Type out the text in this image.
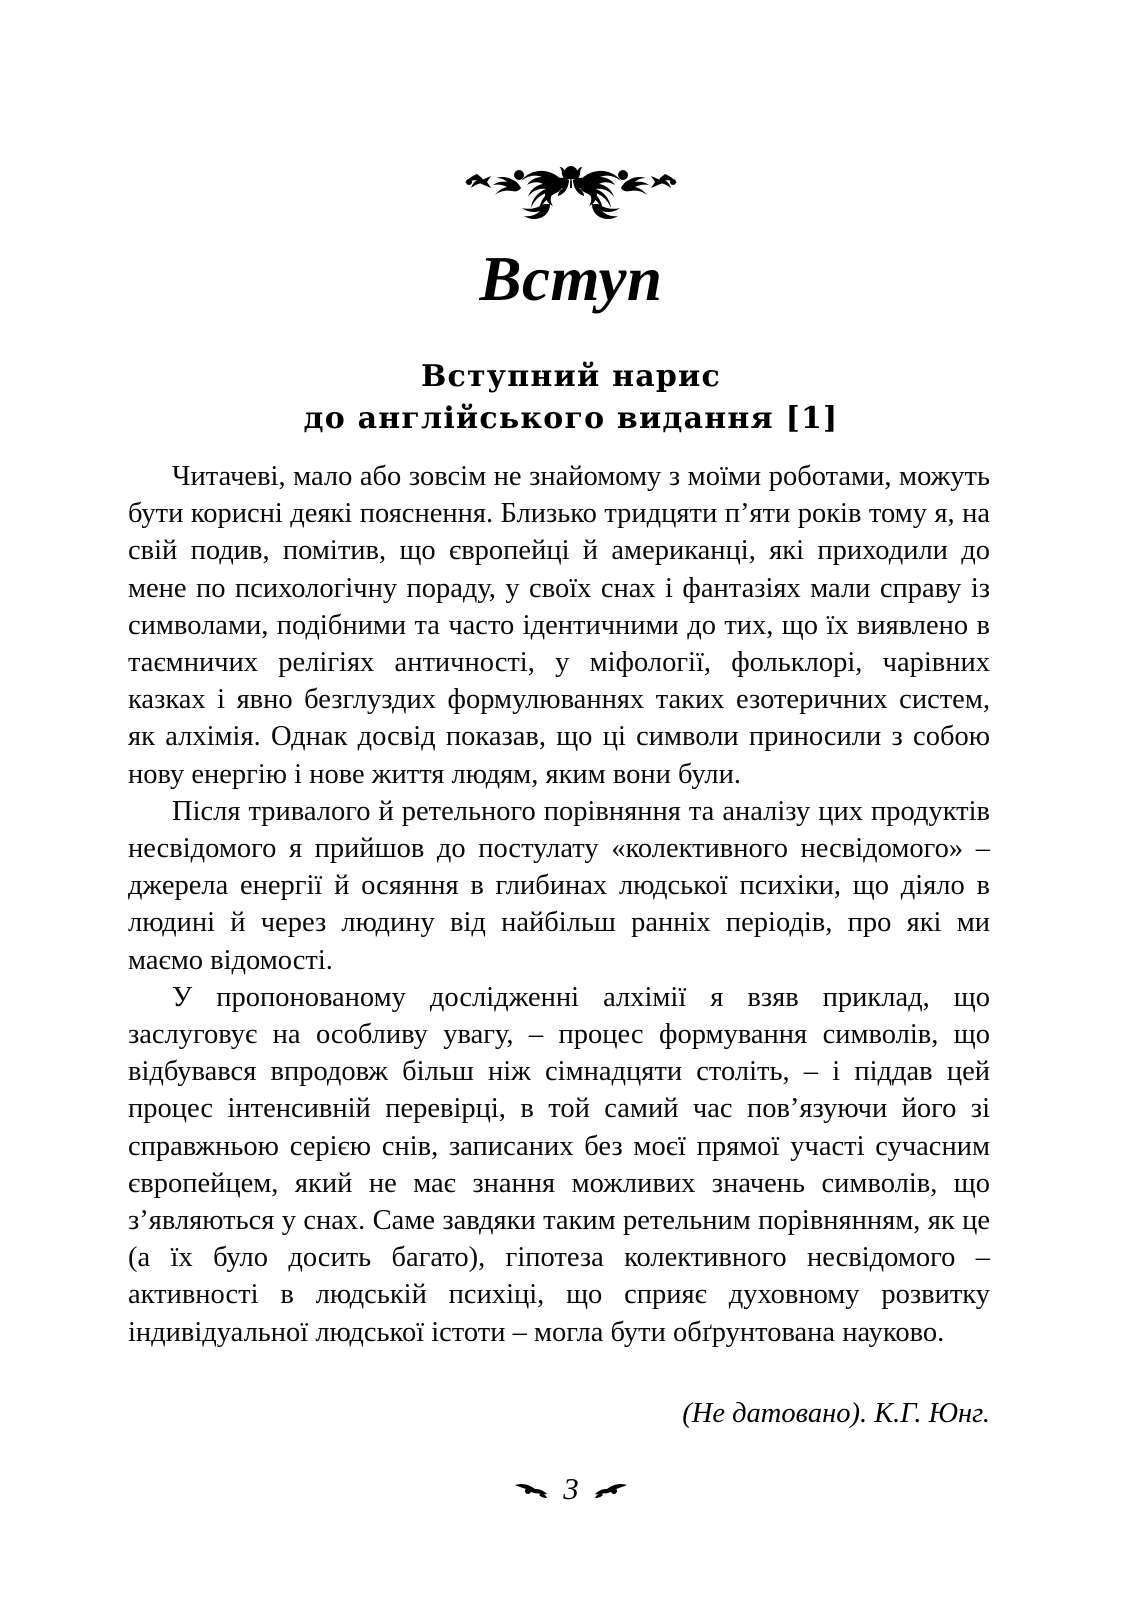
Вступ
Вступний нарис
до англійського видання [1]

Читачеві, мало або зовсім не знайомому з моїми роботами, можуть бути корисні деякі пояснення. Близько тридцяти п’яти років тому я, на свій подив, помітив, що європейці й американці, які приходили до мене по психологічну пораду, у своїх снах і фантазіях мали справу із символами, подібними та часто ідентичними до тих, що їх виявлено в таємничих релігіях античності, у міфології, фольклорі, чарівних казках і явно безглуздих формулюваннях таких езотеричних систем, як алхімія. Однак досвід показав, що ці символи приносили з собою нову енергію і нове життя людям, яким вони були.

Після тривалого й ретельного порівняння та аналізу цих продуктів несвідомого я прийшов до постулату «колективного несвідомого» – джерела енергії й осяяння в глибинах людської психіки, що діяло в людині й через людину від найбільш ранніх періодів, про які ми маємо відомості.

У пропонованому дослідженні алхімії я взяв приклад, що заслуговує на особливу увагу, – процес формування символів, що відбувався впродовж більш ніж сімнадцяти століть, – і піддав цей процес інтенсивній перевірці, в той самий час пов’язуючи його зі справжньою серією снів, записаних без моєї прямої участі сучасним європейцем, який не має знання можливих значень символів, що з’являються у снах. Саме завдяки таким ретельним порівнянням, як це (а їх було досить багато), гіпотеза колективного несвідомого – активності в людській психіці, що сприяє духовному розвитку індивідуальної людської істоти – могла бути обґрунтована науково.

(Не датовано). К.Г. Юнг.
3
